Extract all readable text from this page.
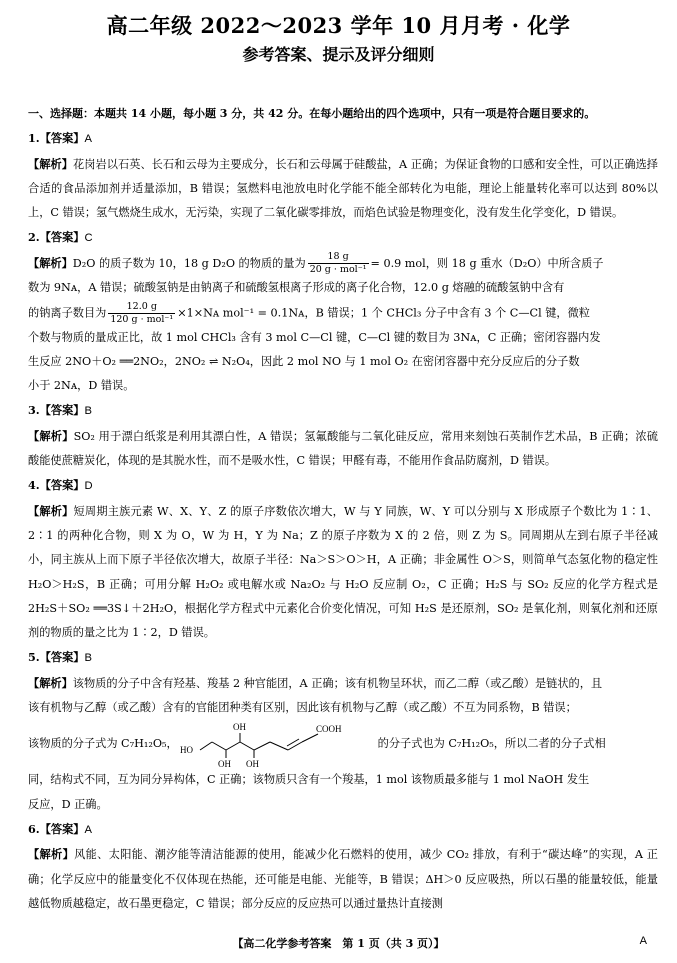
高二年级 2022～2023 学年 10 月月考 · 化学
参考答案、提示及评分细则
一、选择题：本题共 14 小题，每小题 3 分，共 42 分。在每小题给出的四个选项中，只有一项是符合题目要求的。
1.【答案】A
【解析】花岗岩以石英、长石和云母为主要成分，长石和云母属于硅酸盐，A 正确；为保证食物的口感和安全性，可以正确选择合适的食品添加剂并适量添加，B 错误；氢燃料电池放电时化学能不能全部转化为电能，理论上能量转化率可以达到 80%以上，C 错误；氢气燃烧生成水，无污染，实现了二氧化碳零排放，而焰色试验是物理变化，没有发生化学变化，D 错误。
2.【答案】C
【解析】D₂O 的质子数为 10，18 g D₂O 的物质的量为 $\frac{18 g}{\text{20 g · mol⁻¹}} = 0.9$ mol，则 18 g 重水（D₂O）中所含质子
数为 9Nᴀ，A 错误；硫酸氢钠是由钠离子和硫酸氢根离子形成的离子化合物，12.0 g 熔融的硫酸氢钠中含有
的钠离子数目为 $\frac{12.0 g}{\text{120 g · mol⁻¹}}$ ×1×Nᴀ mol⁻¹ = 0.1Nᴀ，B 错误；1 个 CHCl₃ 分子中含有 3 个 C—Cl 键，微粒
个数与物质的量成正比，故 1 mol CHCl₃ 含有 3 mol C—Cl 键，C—Cl 键的数目为 3Nᴀ，C 正确；密闭容器内发
生反应 2NO＋O₂ ══2NO₂，2NO₂ ⇌ N₂O₄，因此 2 mol NO 与 1 mol O₂ 在密闭容器中充分反应后的分子数
小于 2Nᴀ，D 错误。
3.【答案】B
【解析】SO₂ 用于漂白纸浆是利用其漂白性，A 错误；氢氟酸能与二氧化硅反应，常用来刻蚀石英制作艺术品，B 正确；浓硫酸能使蔗糖炭化，体现的是其脱水性，而不是吸水性，C 错误；甲醛有毒，不能用作食品防腐剂，D 错误。
4.【答案】D
【解析】短周期主族元素 W、X、Y、Z 的原子序数依次增大，W 与 Y 同族，W、Y 可以分别与 X 形成原子个数比为 1∶1、2∶1 的两种化合物，则 X 为 O，W 为 H，Y 为 Na；Z 的原子序数为 X 的 2 倍，则 Z 为 S。同周期从左到右原子半径减小，同主族从上而下原子半径依次增大，故原子半径：Na＞S＞O＞H，A 正确；非金属性 O＞S，则简单气态氢化物的稳定性 H₂O＞H₂S，B 正确；可用分解 H₂O₂ 或电解水或 Na₂O₂ 与 H₂O 反应制 O₂，C 正确；H₂S 与 SO₂ 反应的化学方程式是 2H₂S＋SO₂ ══3S↓＋2H₂O，根据化学方程式中元素化合价变化情况，可知 H₂S 是还原剂，SO₂ 是氧化剂，则氧化剂和还原剂的物质的量之比为 1∶2，D 错误。
5.【答案】B
【解析】该物质的分子中含有羟基、羧基 2 种官能团，A 正确；该有机物呈环状，而乙二醇（或乙酸）是链状的，且
该有机物与乙醇（或乙酸）含有的官能团种类有区别，因此该有机物与乙醇（或乙酸）不互为同系物，B 错误；
该物质的分子式为 C₇H₁₂O₅， HO
OH
OH OH
COOH
的分子式也为 C₇H₁₂O₅，所以二者的分子式相
同，结构式不同，互为同分异构体，C 正确；该物质只含有一个羧基，1 mol 该物质最多能与 1 mol NaOH 发生
反应，D 正确。
6.【答案】A
【解析】风能、太阳能、潮汐能等清洁能源的使用，能减少化石燃料的使用，减少 CO₂ 排放，有利于“碳达峰”的实现，A 正确；化学反应中的能量变化不仅体现在热能，还可能是电能、光能等，B 错误；ΔH＞0 反应吸热，所以石墨的能量较低，能量越低物质越稳定，故石墨更稳定，C 错误；部分反应的反应热可以通过量热计直接测
【高二化学参考答案　第 1 页（共 3 页）】	A
